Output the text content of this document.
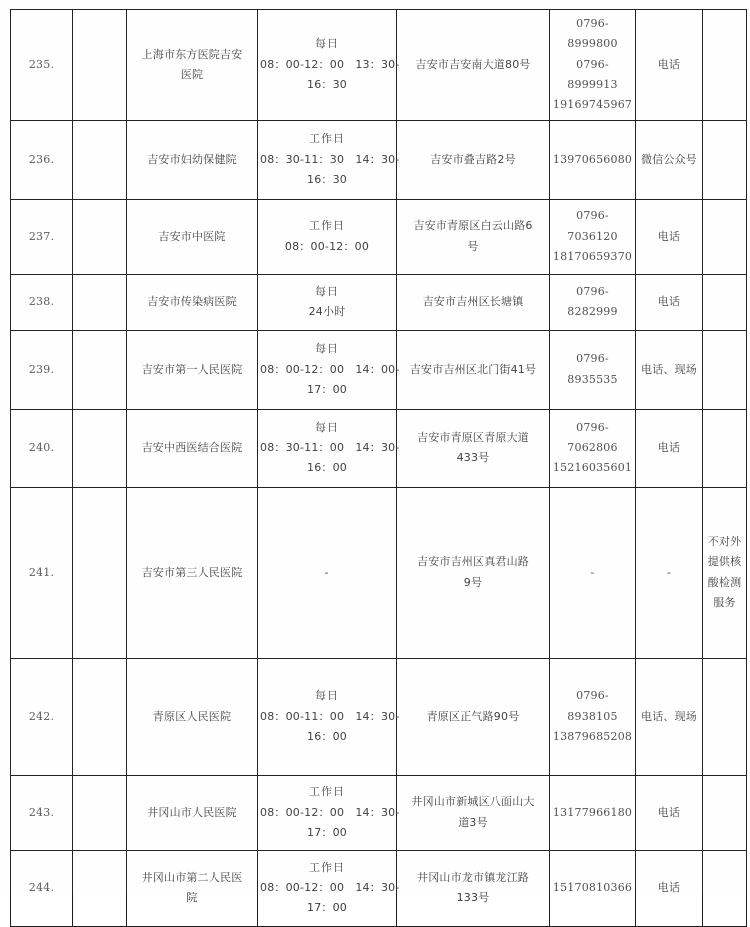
235.		上海市东方医院吉安
医院	每日
08：00-12：00　13：30-
16：30	吉安市吉安南大道80号	0796-8999800
0796-8999913
19169745967	电话	
236.		吉安市妇幼保健院	工作日
08：30-11：30　14：30-
16：30	吉安市叠吉路2号	13970656080	微信公众号	
237.		吉安市中医院	工作日
08：00-12：00	吉安市青原区白云山路6
号	0796-
7036120
18170659370	电话	
238.		吉安市传染病医院	每日
24小时	吉安市吉州区长塘镇	0796-
8282999	电话	
239.		吉安市第一人民医院	每日
08：00-12：00　14：00-
17：00	吉安市吉州区北门街41号	0796-
8935535	电话、现场	
240.		吉安中西医结合医院	每日
08：30-11：00　14：30-
16：00	吉安市青原区青原大道
433号	0796-
7062806
15216035601	电话	
241.		吉安市第三人民医院	-	吉安市吉州区真君山路
9号	-	-	不对外提供核酸检测服务
242.		青原区人民医院	每日
08：00-11：00　14：30-
16：00	青原区正气路90号	0796-
8938105
13879685208	电话、现场	
243.		井冈山市人民医院	工作日
08：00-12：00　14：30-
17：00	井冈山市新城区八面山大
道3号	13177966180	电话	
244.		井冈山市第二人民医
院	工作日
08：00-12：00　14：30-
17：00	井冈山市龙市镇龙江路
133号	15170810366	电话	
